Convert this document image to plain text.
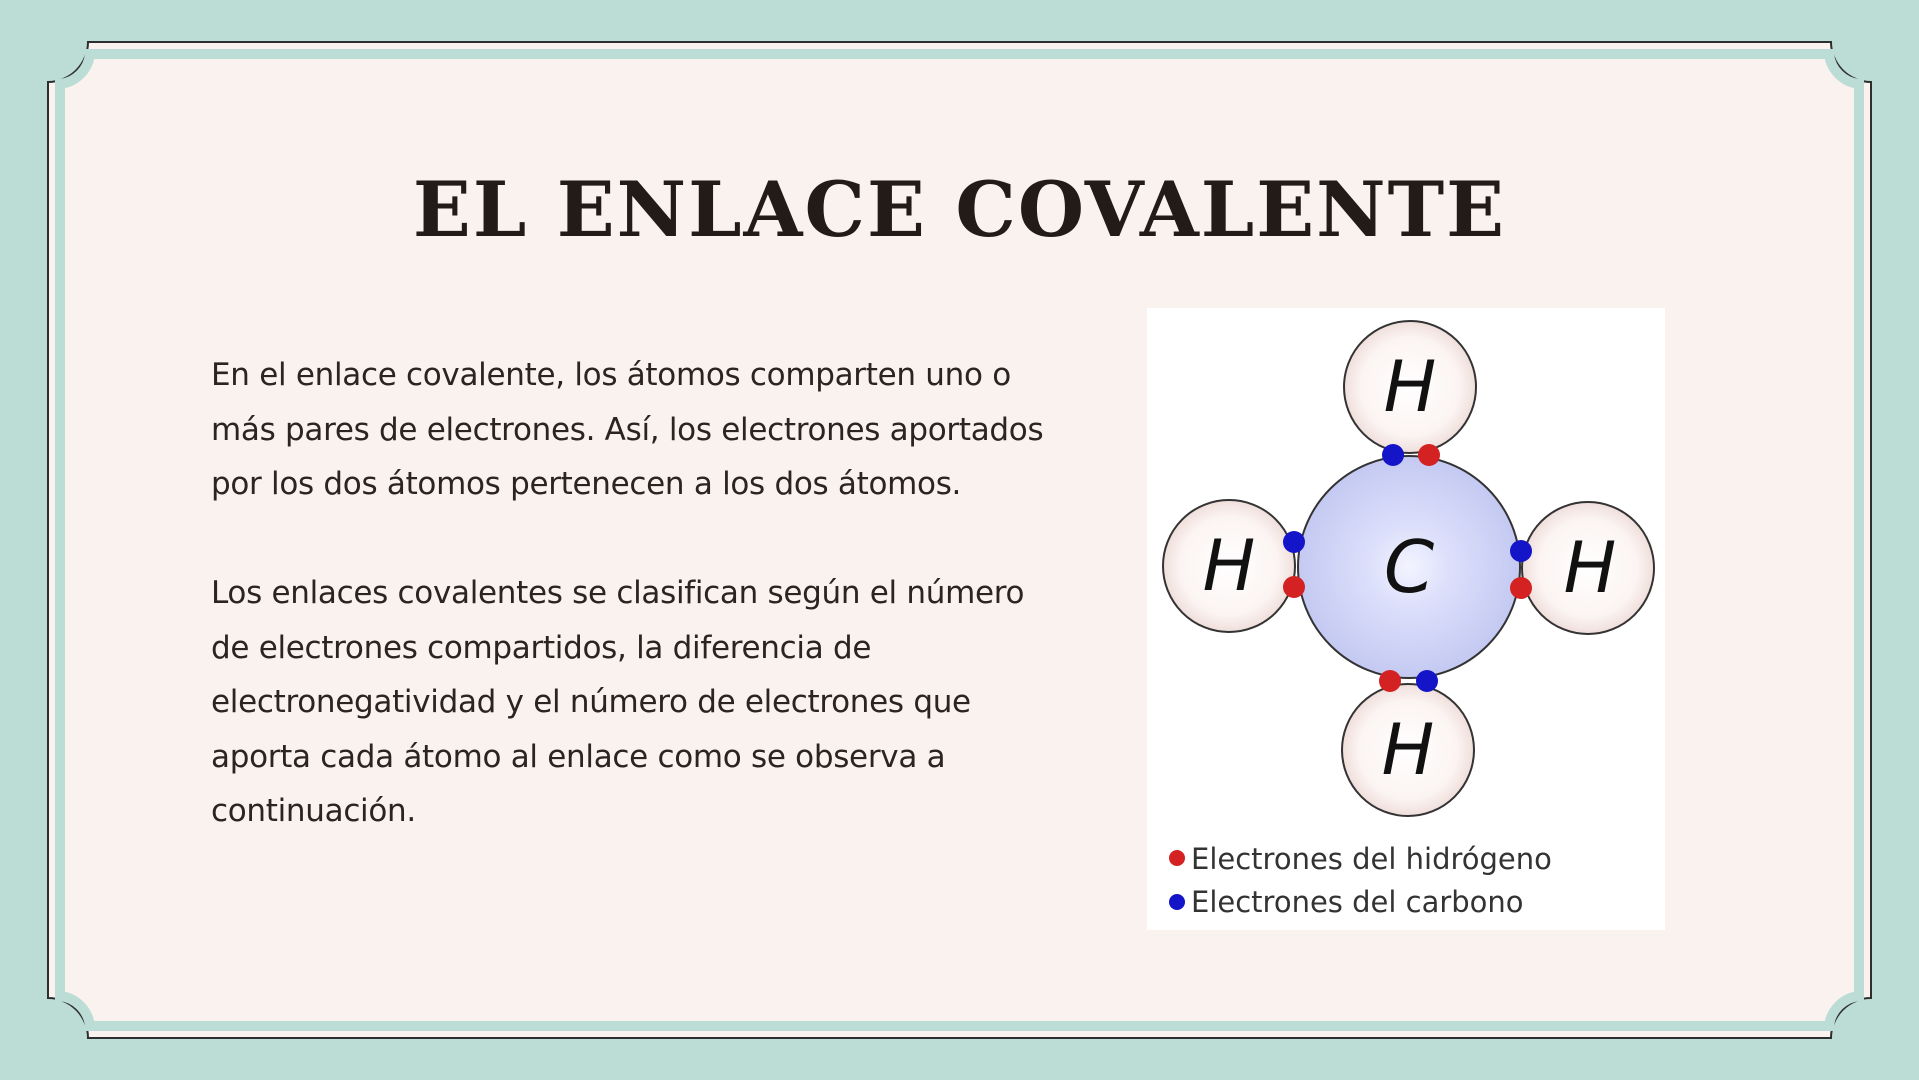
EL ENLACE COVALENTE

En el enlace covalente, los átomos comparten uno o

más pares de electrones. Así, los electrones aportados

por los dos átomos pertenecen a los dos átomos.

Los enlaces covalentes se clasifican según el número

de electrones compartidos, la diferencia de

electronegatividad y el número de electrones que

aporta cada átomo al enlace como se observa a

continuación.

H
H
H	H
C
Electrones del hidrógeno
Electrones del carbono
